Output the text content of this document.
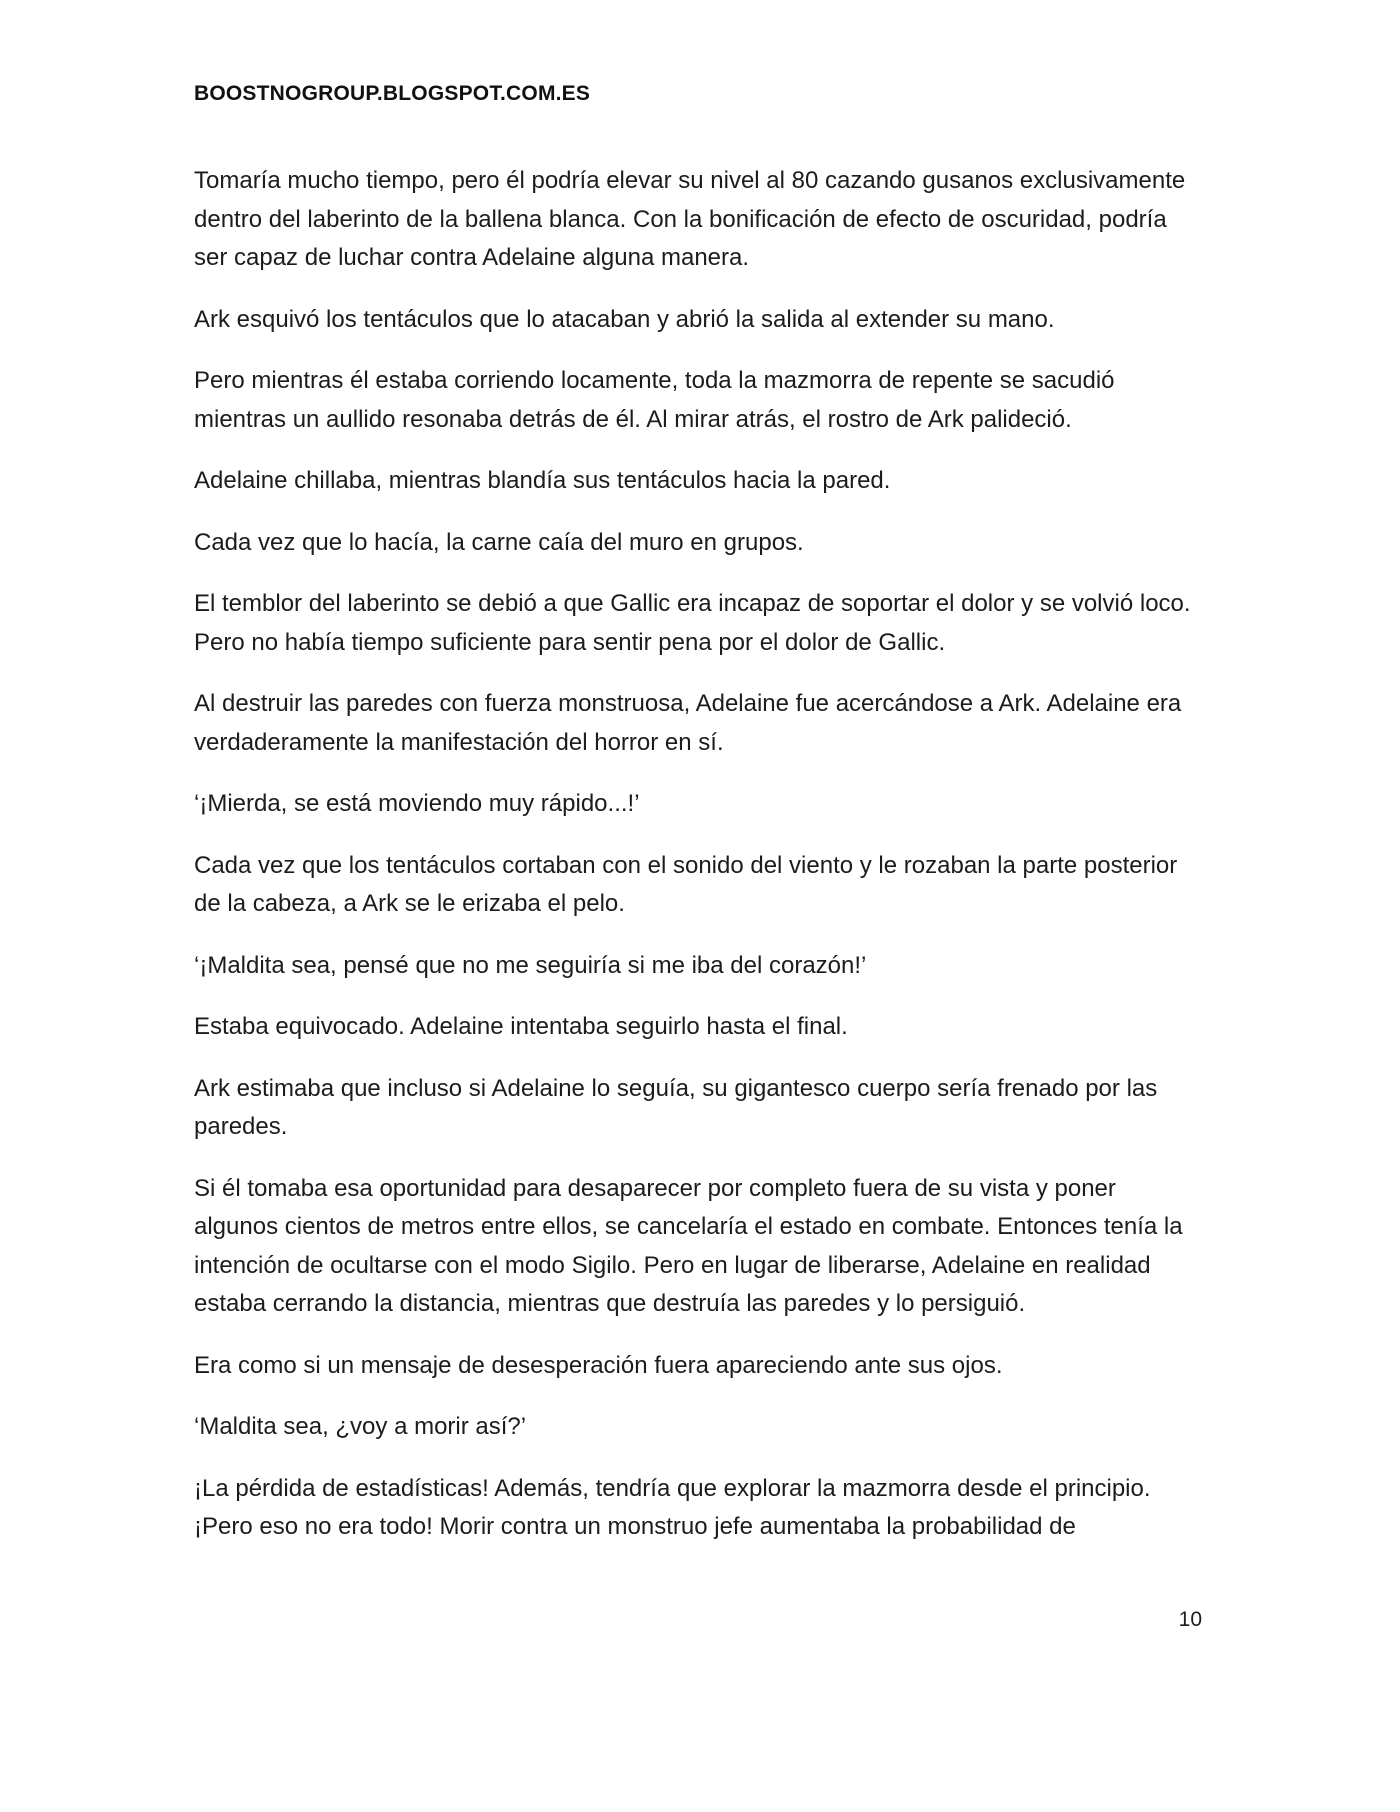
BOOSTNOGROUP.BLOGSPOT.COM.ES

Tomaría mucho tiempo, pero él podría elevar su nivel al 80 cazando gusanos exclusivamente dentro del laberinto de la ballena blanca. Con la bonificación de efecto de oscuridad, podría ser capaz de luchar contra Adelaine alguna manera.

Ark esquivó los tentáculos que lo atacaban y abrió la salida al extender su mano.

Pero mientras él estaba corriendo locamente, toda la mazmorra de repente se sacudió mientras un aullido resonaba detrás de él. Al mirar atrás, el rostro de Ark palideció.

Adelaine chillaba, mientras blandía sus tentáculos hacia la pared.

Cada vez que lo hacía, la carne caía del muro en grupos.

El temblor del laberinto se debió a que Gallic era incapaz de soportar el dolor y se volvió loco. Pero no había tiempo suficiente para sentir pena por el dolor de Gallic.

Al destruir las paredes con fuerza monstruosa, Adelaine fue acercándose a Ark. Adelaine era verdaderamente la manifestación del horror en sí.

‘¡Mierda, se está moviendo muy rápido...!’

Cada vez que los tentáculos cortaban con el sonido del viento y le rozaban la parte posterior de la cabeza, a Ark se le erizaba el pelo.

‘¡Maldita sea, pensé que no me seguiría si me iba del corazón!’

Estaba equivocado. Adelaine intentaba seguirlo hasta el final.

Ark estimaba que incluso si Adelaine lo seguía, su gigantesco cuerpo sería frenado por las paredes.

Si él tomaba esa oportunidad para desaparecer por completo fuera de su vista y poner algunos cientos de metros entre ellos, se cancelaría el estado en combate. Entonces tenía la intención de ocultarse con el modo Sigilo. Pero en lugar de liberarse, Adelaine en realidad estaba cerrando la distancia, mientras que destruía las paredes y lo persiguió.

Era como si un mensaje de desesperación fuera apareciendo ante sus ojos.

‘Maldita sea, ¿voy a morir así?’

¡La pérdida de estadísticas! Además, tendría que explorar la mazmorra desde el principio. ¡Pero eso no era todo! Morir contra un monstruo jefe aumentaba la probabilidad de

10
